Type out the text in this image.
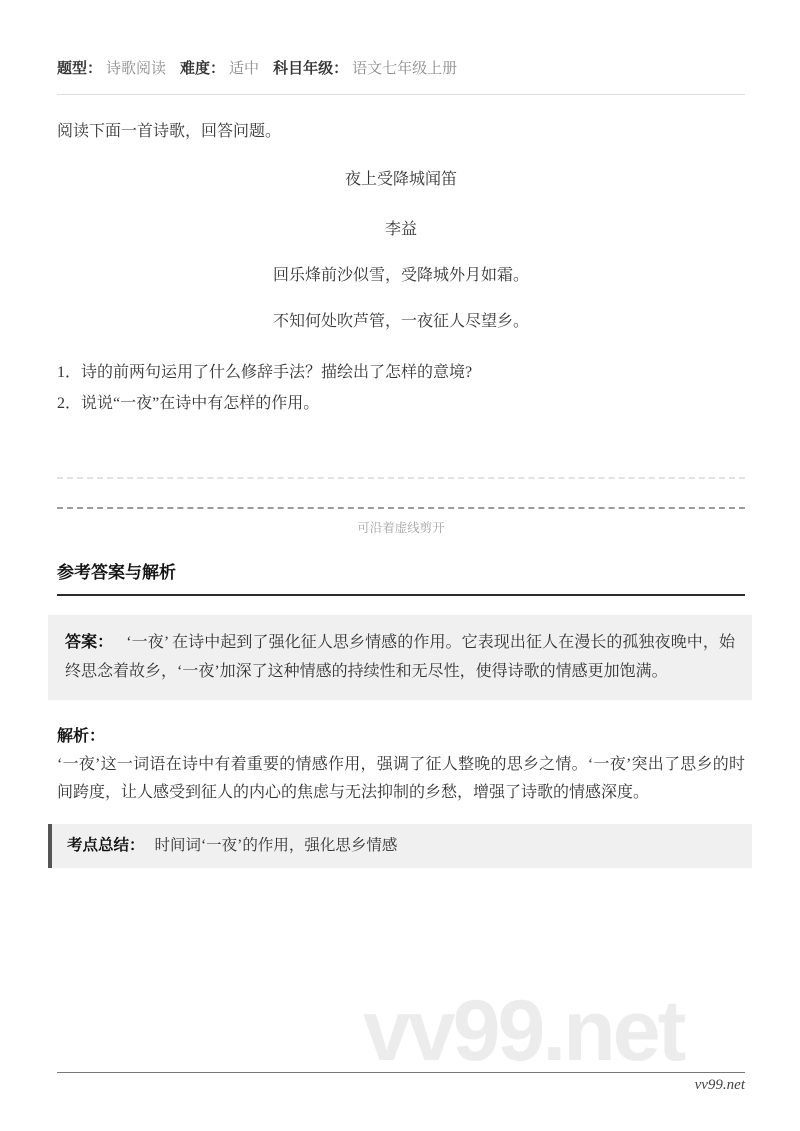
题型： 诗歌阅读 难度： 适中 科目年级： 语文七年级上册

阅读下面一首诗歌，回答问题。

夜上受降城闻笛

李益

回乐烽前沙似雪，受降城外月如霜。

不知何处吹芦管，一夜征人尽望乡。

1．诗的前两句运用了什么修辞手法？描绘出了怎样的意境?

2．说说“一夜”在诗中有怎样的作用。

可沿着虚线剪开

参考答案与解析
答案： ‘一夜’ 在诗中起到了强化征人思乡情感的作用。它表现出征人在漫长的孤独夜晚中，始终思念着故乡，‘一夜’加深了这种情感的持续性和无尽性，使得诗歌的情感更加饱满。

解析：

‘一夜’这一词语在诗中有着重要的情感作用，强调了征人整晚的思乡之情。‘一夜’突出了思乡的时间跨度，让人感受到征人的内心的焦虑与无法抑制的乡愁，增强了诗歌的情感深度。

考点总结： 时间词‘一夜’的作用，强化思乡情感
vv99.net
vv99.net
